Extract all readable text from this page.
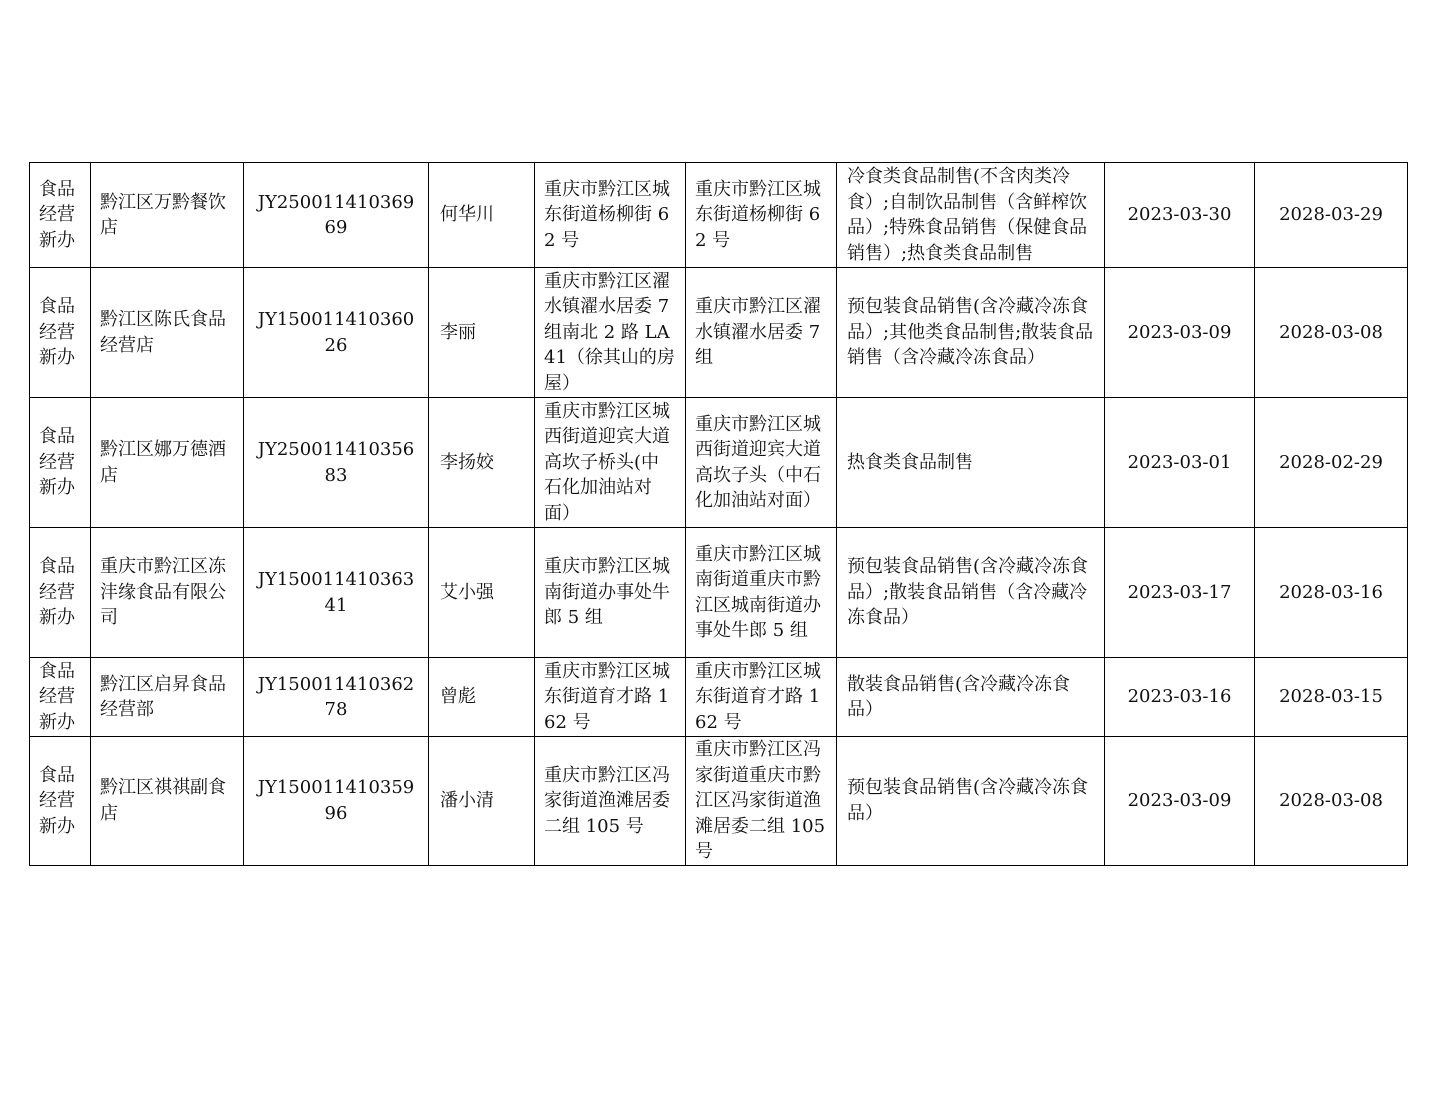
食品经营新办	黔江区万黔餐饮店	JY25001141036969	何华川	重庆市黔江区城东街道杨柳街 62 号	重庆市黔江区城东街道杨柳街 62 号	冷食类食品制售(不含肉类冷食）;自制饮品制售（含鲜榨饮品）;特殊食品销售（保健食品销售）;热食类食品制售	2023-03-30	2028-03-29
食品经营新办	黔江区陈氏食品经营店	JY15001141036026	李丽	重庆市黔江区濯水镇濯水居委 7 组南北 2 路 LA41（徐其山的房屋）	重庆市黔江区濯水镇濯水居委 7 组	预包装食品销售(含冷藏冷冻食品）;其他类食品制售;散装食品销售（含冷藏冷冻食品）	2023-03-09	2028-03-08
食品经营新办	黔江区娜万德酒店	JY25001141035683	李扬姣	重庆市黔江区城西街道迎宾大道高坎子桥头(中石化加油站对面）	重庆市黔江区城西街道迎宾大道高坎子头（中石化加油站对面）	热食类食品制售	2023-03-01	2028-02-29
食品经营新办	重庆市黔江区冻沣缘食品有限公司	JY15001141036341	艾小强	重庆市黔江区城南街道办事处牛郎 5 组	重庆市黔江区城南街道重庆市黔江区城南街道办事处牛郎 5 组	预包装食品销售(含冷藏冷冻食品）;散装食品销售（含冷藏冷冻食品）	2023-03-17	2028-03-16
食品经营新办	黔江区启昇食品经营部	JY15001141036278	曾彪	重庆市黔江区城东街道育才路 162 号	重庆市黔江区城东街道育才路 162 号	散装食品销售(含冷藏冷冻食品）	2023-03-16	2028-03-15
食品经营新办	黔江区祺祺副食店	JY15001141035996	潘小清	重庆市黔江区冯家街道渔滩居委二组 105 号	重庆市黔江区冯家街道重庆市黔江区冯家街道渔滩居委二组 105 号	预包装食品销售(含冷藏冷冻食品）	2023-03-09	2028-03-08
